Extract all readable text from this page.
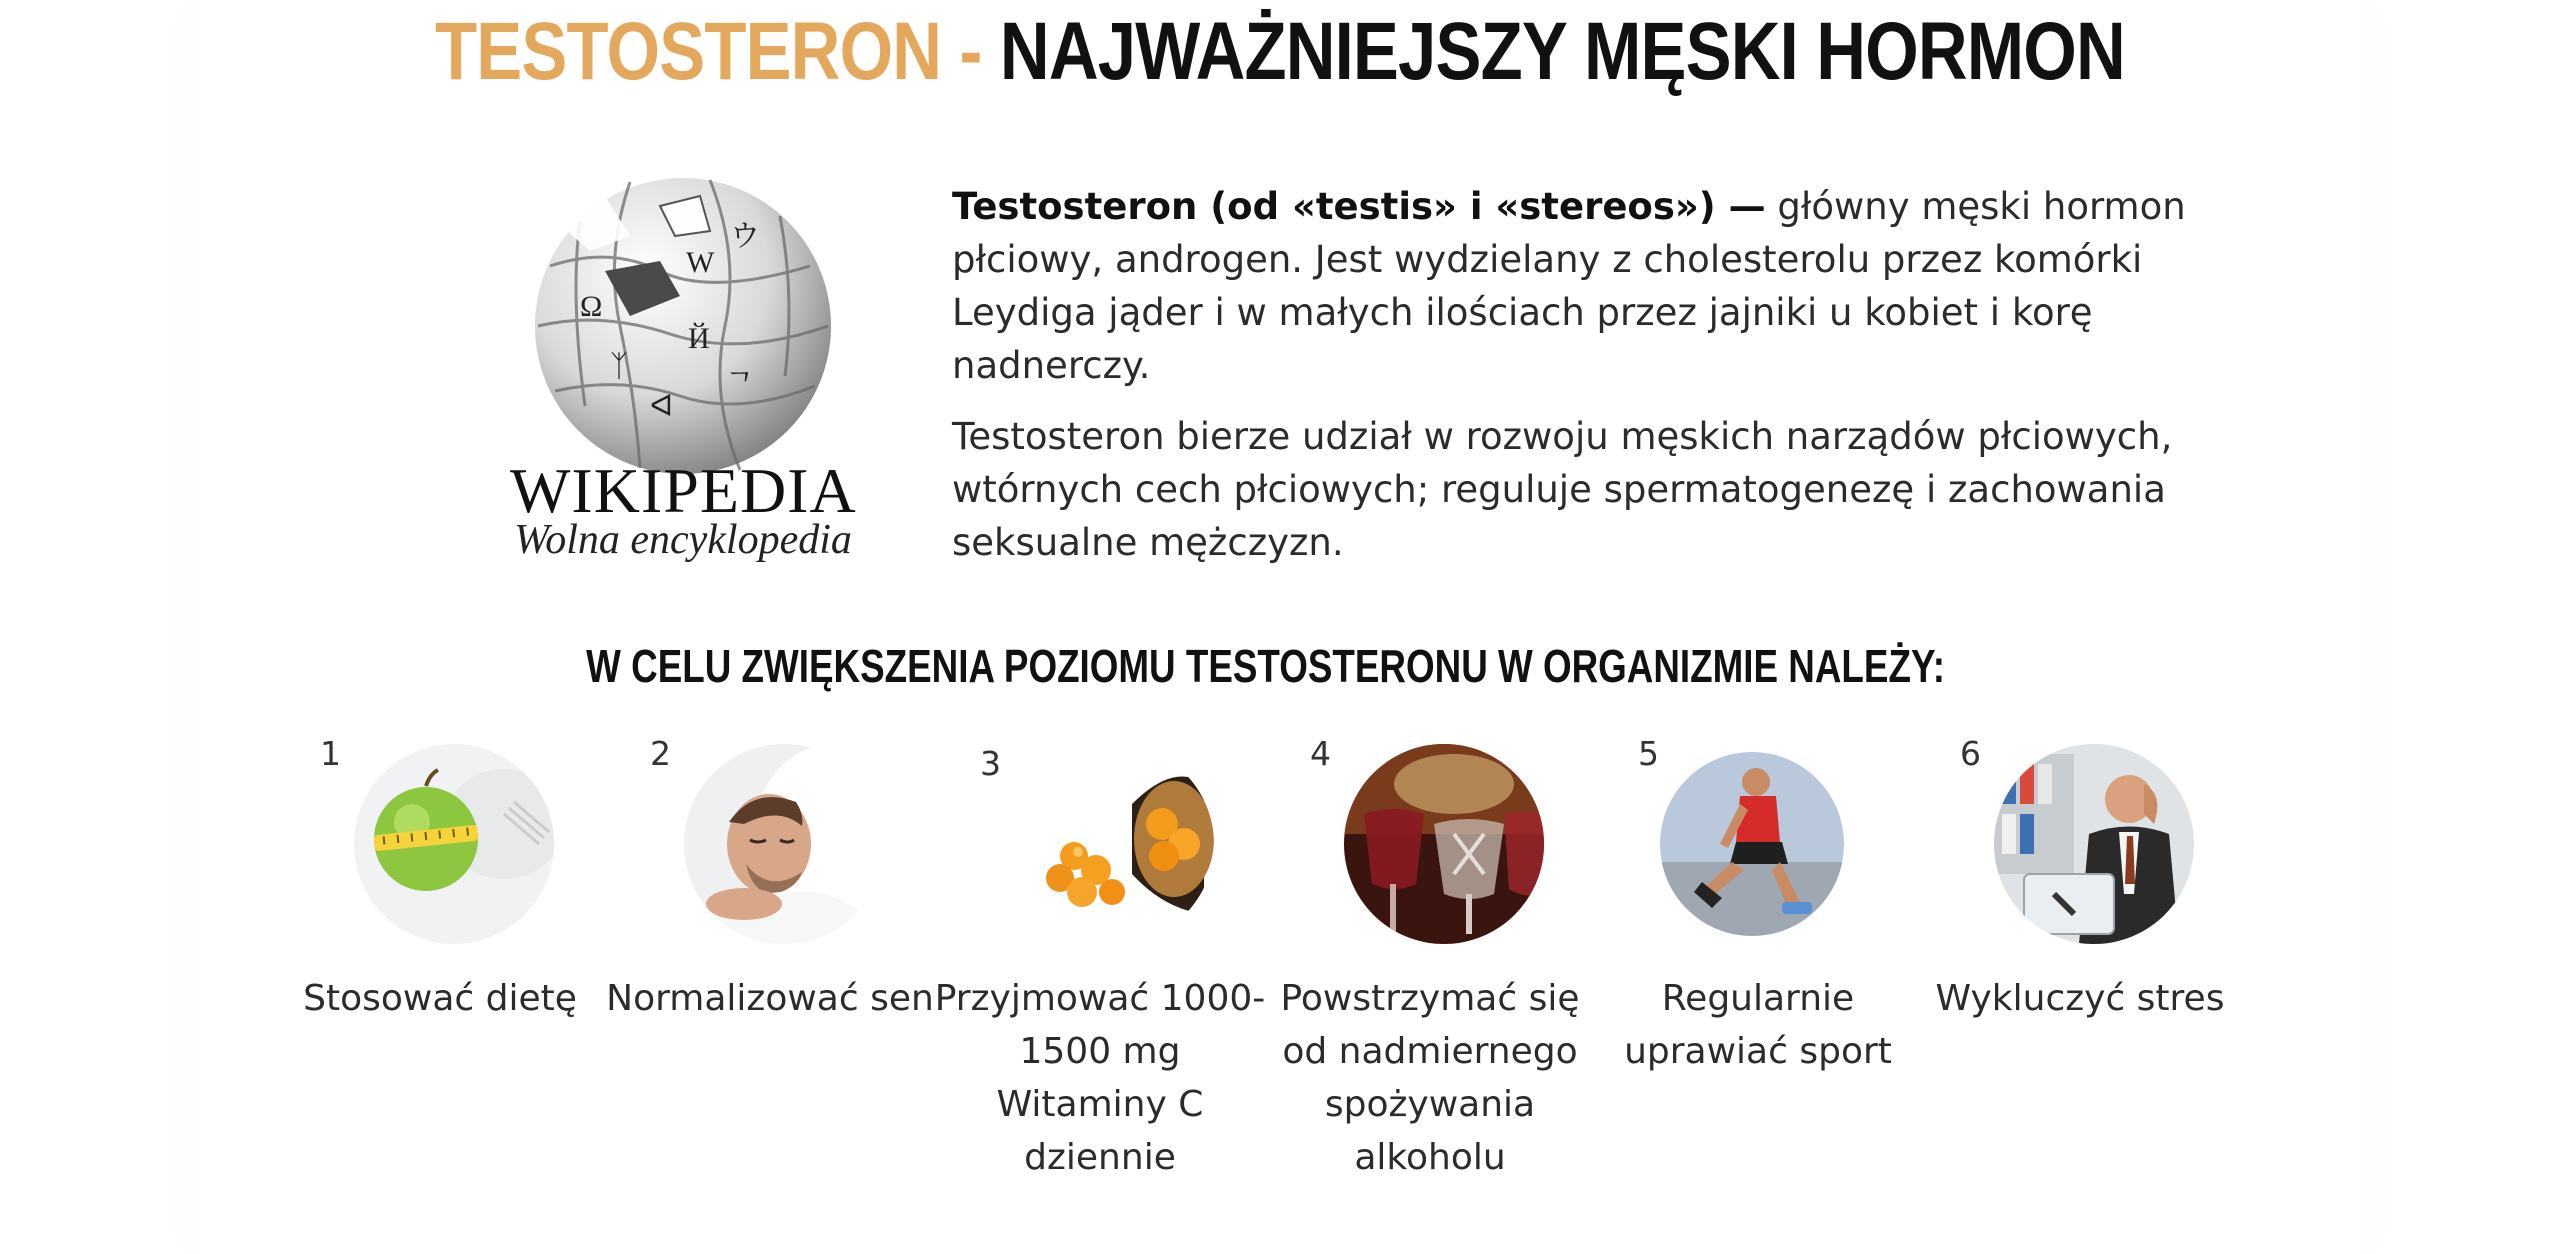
TESTOSTERON - NAJWAŻNIEJSZY MĘSKI HORMON
W
Ω
Й
ᛉ
ウ
ᄀ
ᐊ
WIKIPEDIA
Wolna encyklopedia

Testosteron (od «testis» i «stereos») — główny męski hormon płciowy, androgen. Jest wydzielany z cholesterolu przez komórki Leydiga jąder i w małych ilościach przez jajniki u kobiet i korę nadnerczy.

Testosteron bierze udział w rozwoju męskich narządów płciowych, wtórnych cech płciowych; reguluje spermatogenezę i zachowania seksualne mężczyzn.

W CELU ZWIĘKSZENIA POZIOMU TESTOSTERONU W ORGANIZMIE NALEŻY:
1
Stosować dietę
2
Normalizować sen
3
Przyjmować 1000-1500 mg Witaminy C dziennie
4
Powstrzymać się od nadmiernego spożywania alkoholu
5
Regularnie uprawiać sport
6
Wykluczyć stres
